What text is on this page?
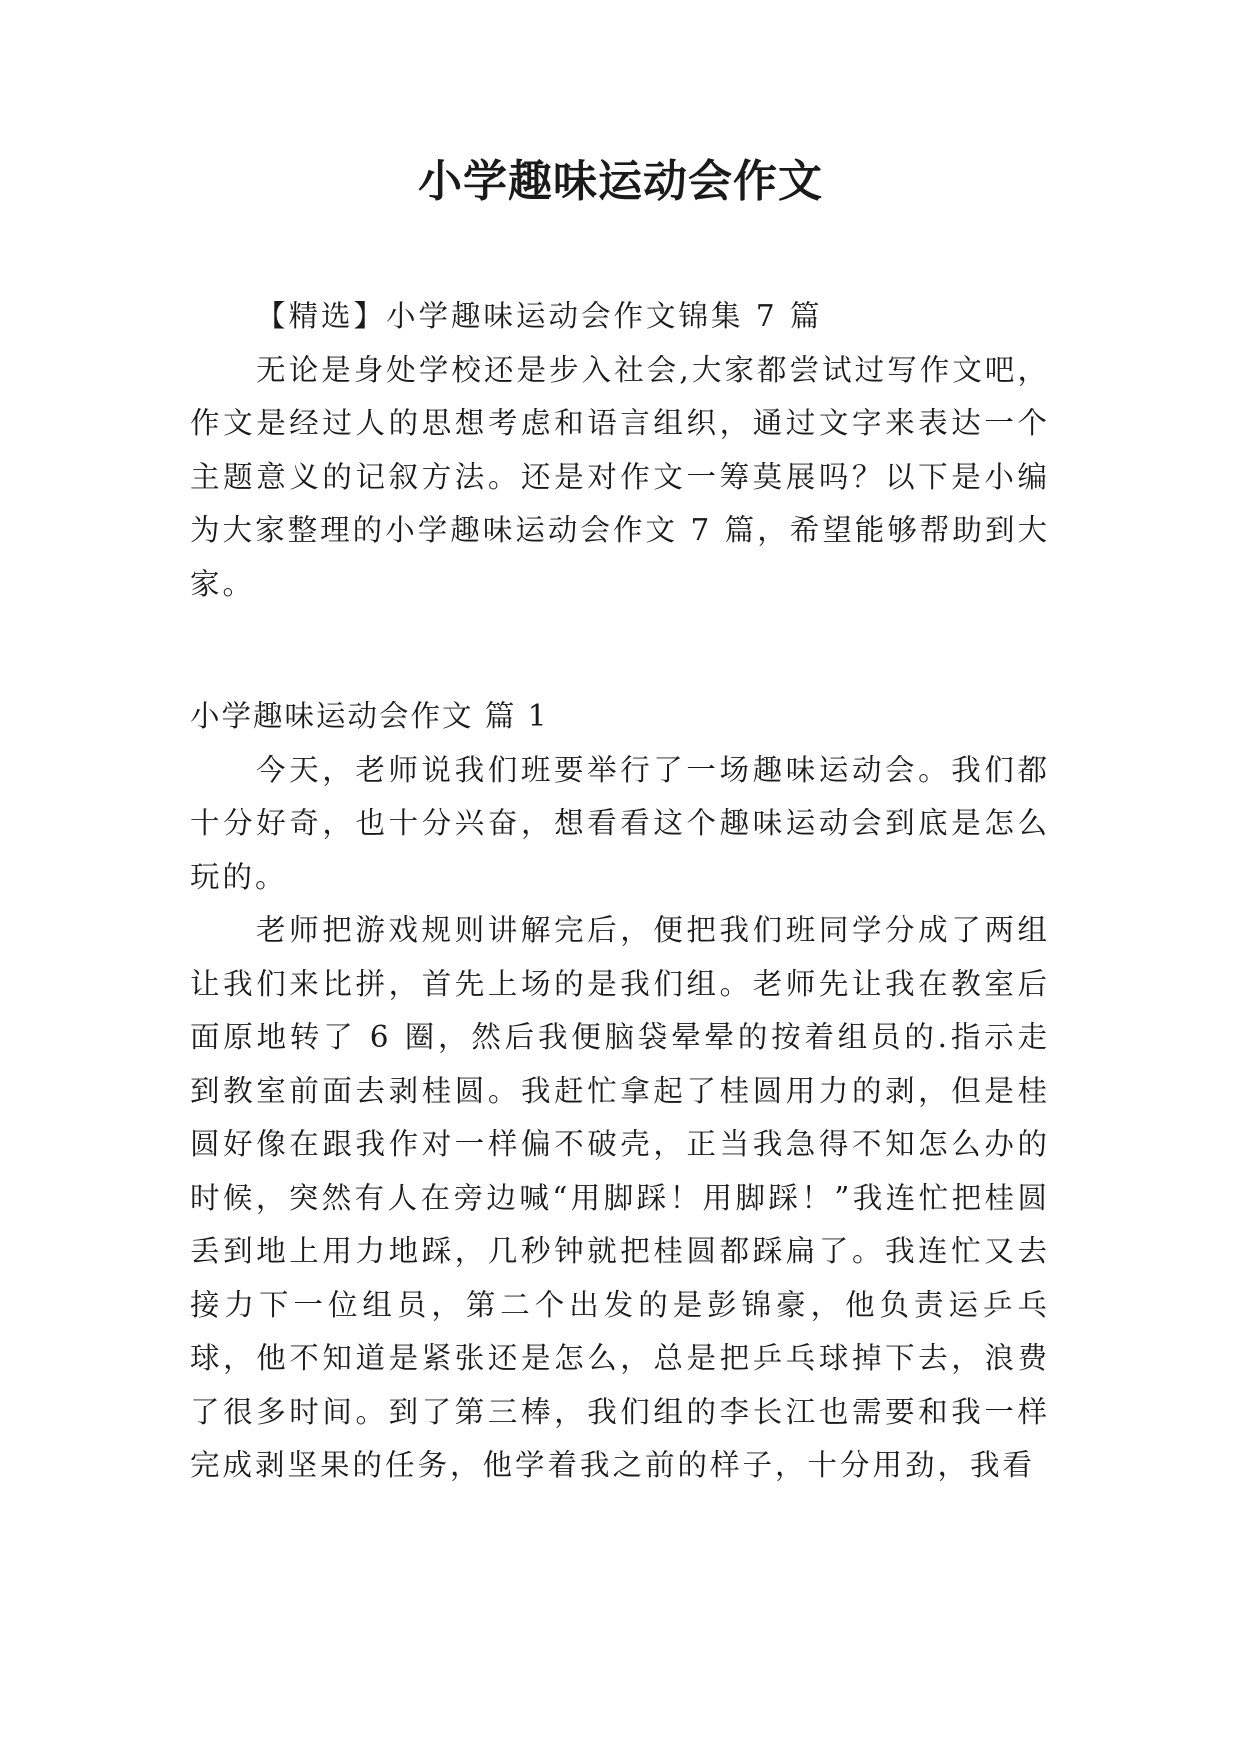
小学趣味运动会作文

【精选】小学趣味运动会作文锦集 7 篇

无论是身处学校还是步入社会,大家都尝试过写作文吧，作文是经过人的思想考虑和语言组织，通过文字来表达一个主题意义的记叙方法。还是对作文一筹莫展吗？以下是小编为大家整理的小学趣味运动会作文 7 篇，希望能够帮助到大家。

小学趣味运动会作文 篇 1

今天，老师说我们班要举行了一场趣味运动会。我们都十分好奇，也十分兴奋，想看看这个趣味运动会到底是怎么玩的。

老师把游戏规则讲解完后，便把我们班同学分成了两组让我们来比拼，首先上场的是我们组。老师先让我在教室后面原地转了 6 圈，然后我便脑袋晕晕的按着组员的.指示走到教室前面去剥桂圆。我赶忙拿起了桂圆用力的剥，但是桂圆好像在跟我作对一样偏不破壳，正当我急得不知怎么办的时候，突然有人在旁边喊“用脚踩！用脚踩！”我连忙把桂圆丢到地上用力地踩，几秒钟就把桂圆都踩扁了。我连忙又去接力下一位组员，第二个出发的是彭锦豪，他负责运乒乓球，他不知道是紧张还是怎么，总是把乒乓球掉下去，浪费了很多时间。到了第三棒，我们组的李长江也需要和我一样完成剥坚果的任务，他学着我之前的样子，十分用劲，我看
